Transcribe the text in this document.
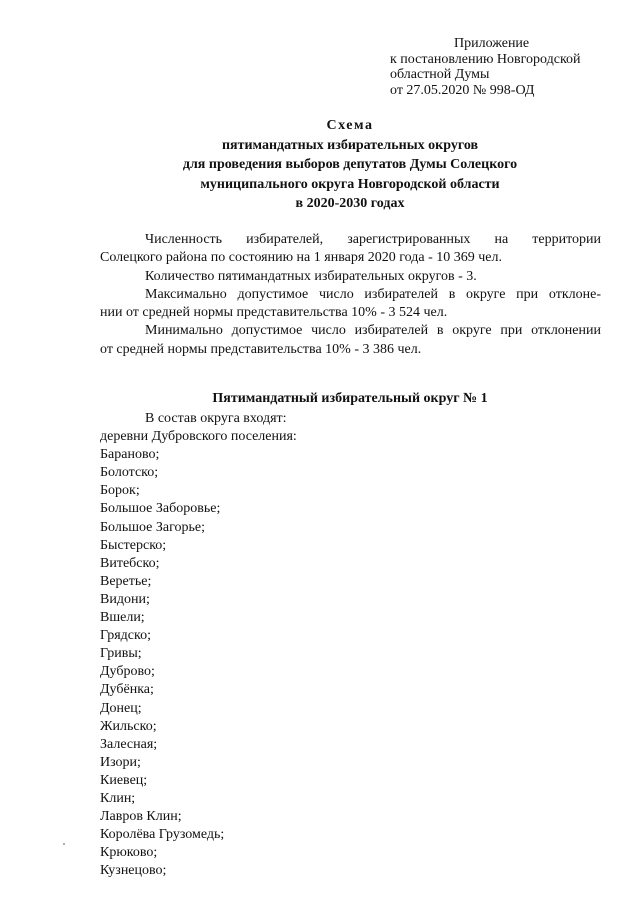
Приложение
к постановлению Новгородской
областной Думы
от 27.05.2020 № 998-ОД
Схема
пятимандатных избирательных округов
для проведения выборов депутатов Думы Солецкого
муниципального округа Новгородской области
в 2020-2030 годах

Численность избирателей, зарегистрированных на территории

Солецкого района по состоянию на 1 января 2020 года - 10 369 чел.

Количество пятимандатных избирательных округов - 3.

Максимально допустимое число избирателей в округе при отклоне-

нии от средней нормы представительства 10% - 3 524 чел.

Минимально допустимое число избирателей в округе при отклонении

от средней нормы представительства 10% - 3 386 чел.

Пятимандатный избирательный округ № 1
В состав округа входят:
деревни Дубровского поселения:
Бараново;
Болотско;
Борок;
Большое Заборовье;
Большое Загорье;
Быстерско;
Витебско;
Веретье;
Видони;
Вшели;
Грядско;
Гривы;
Дуброво;
Дубёнка;
Донец;
Жильско;
Залесная;
Изори;
Киевец;
Клин;
Лавров Клин;
Королёва Грузомедь;
Крюково;
Кузнецово;
